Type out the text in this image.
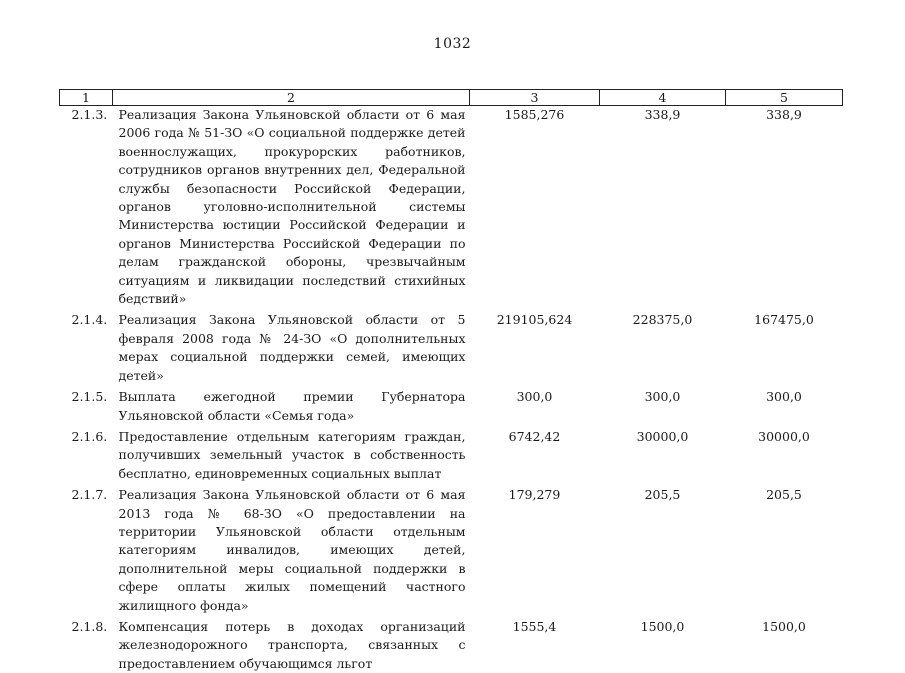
1032
1	2	3	4	5
2.1.3.	Реализация Закона Ульяновской области от 6 мая 2006 года № 51-ЗО «О социальной поддержке детей военнослужащих, прокурорских работников, сотрудников органов внутренних дел, Федеральной службы безопасности Российской Федерации, органов уголовно-исполнительной системы Министерства юстиции Российской Федерации и органов Министерства Российской Федерации по делам гражданской обороны, чрезвычайным ситуациям и ликвидации последствий стихийных бедствий»	1585,276	338,9	338,9
2.1.4.	Реализация Закона Ульяновской области от 5 февраля 2008 года № 24-ЗО «О дополнительных мерах социальной поддержки семей, имеющих детей»	219105,624	228375,0	167475,0
2.1.5.	Выплата ежегодной премии Губернатора Ульяновской области «Семья года»	300,0	300,0	300,0
2.1.6.	Предоставление отдельным категориям граждан, получивших земельный участок в собственность бесплатно, единовременных социальных выплат	6742,42	30000,0	30000,0
2.1.7.	Реализация Закона Ульяновской области от 6 мая 2013 года № 68-ЗО «О предоставлении на территории Ульяновской области отдельным категориям инвалидов, имеющих детей, дополнительной меры социальной поддержки в сфере оплаты жилых помещений частного жилищного фонда»	179,279	205,5	205,5
2.1.8.	Компенсация потерь в доходах организаций железнодорожного транспорта, связанных с предоставлением обучающимся льгот	1555,4	1500,0	1500,0
